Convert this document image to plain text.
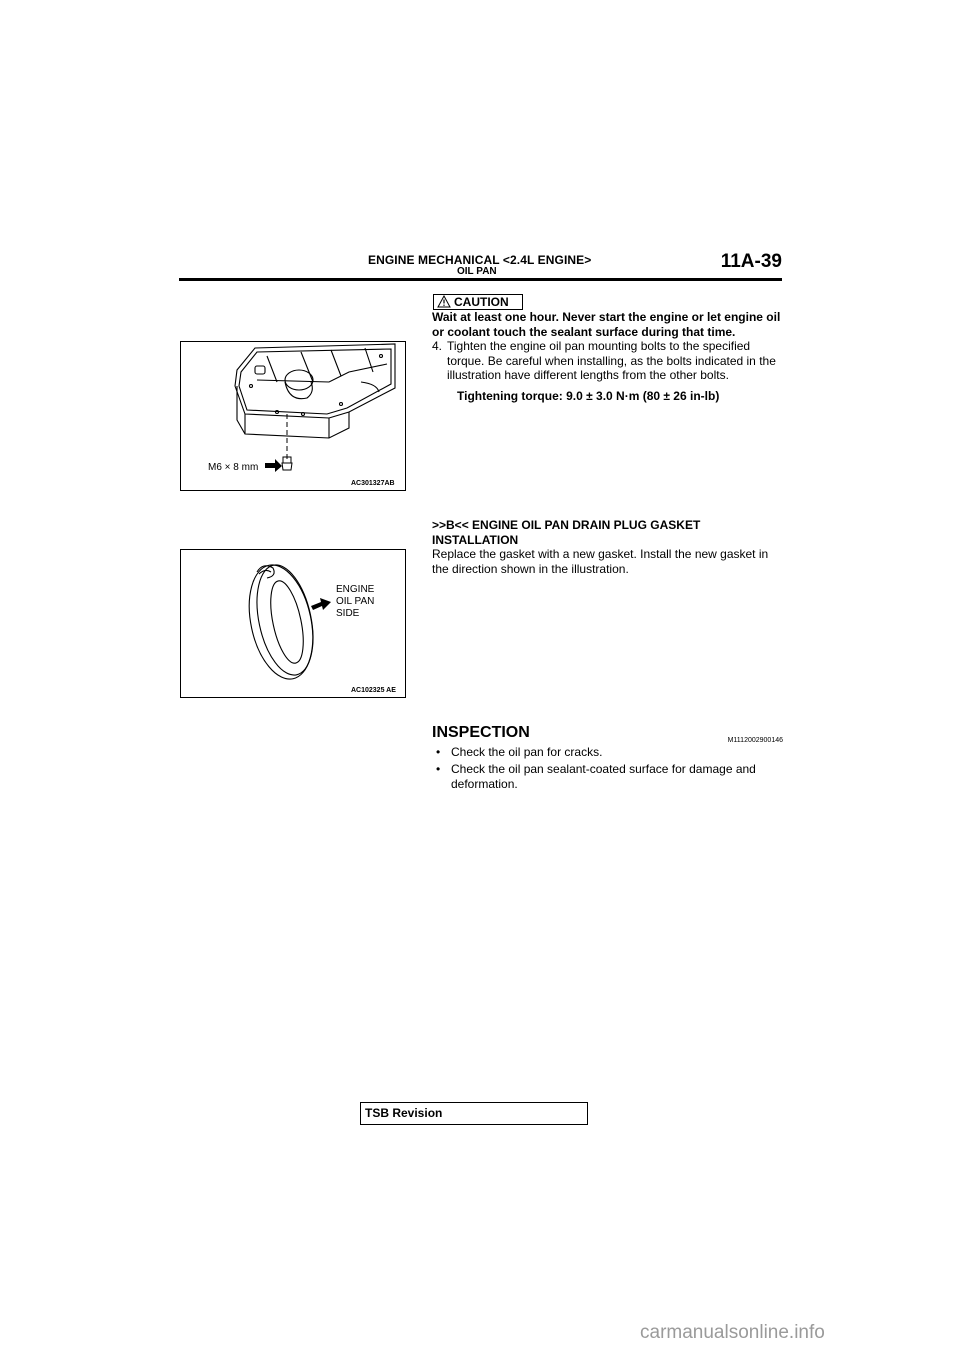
ENGINE MECHANICAL <2.4L ENGINE>
OIL PAN	11A-39
CAUTION
Wait at least one hour. Never start the engine or let engine oil or coolant touch the sealant surface during that time.
4. Tighten the engine oil pan mounting bolts to the specified torque. Be careful when installing, as the bolts indicated in the illustration have different lengths from the other bolts.
Tightening torque: 9.0 ± 3.0 N·m (80 ± 26 in-lb)
M6 × 8 mm
AC301327AB
>>B<< ENGINE OIL PAN DRAIN PLUG GASKET INSTALLATION
Replace the gasket with a new gasket. Install the new gasket in the direction shown in the illustration.
ENGINE
OIL PAN
SIDE
AC102325 AE
INSPECTION	M1112002900146
• Check the oil pan for cracks.
• Check the oil pan sealant-coated surface for damage and deformation.
TSB Revision
carmanualsonline.info
